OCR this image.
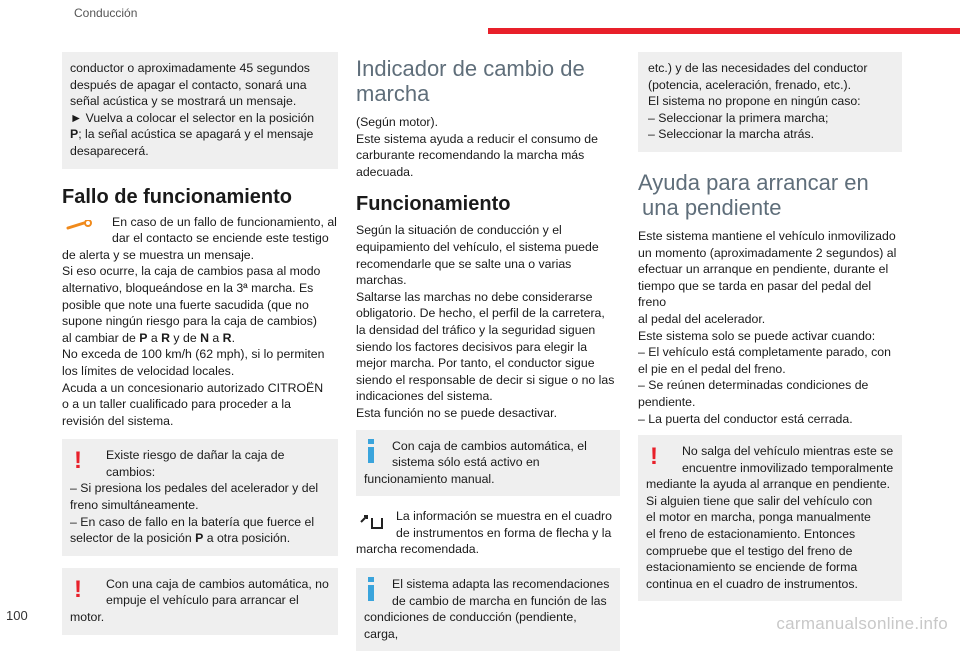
Conducción

conductor o aproximadamente 45 segundos

después de apagar el contacto, sonará una

señal acústica y se mostrará un mensaje.

► Vuelva a colocar el selector en la posición

P; la señal acústica se apagará y el mensaje

desaparecerá.

Fallo de funcionamiento

En caso de un fallo de funcionamiento, al

dar el contacto se enciende este testigo

de alerta y se muestra un mensaje.

Si eso ocurre, la caja de cambios pasa al modo

alternativo, bloqueándose en la 3ª marcha. Es

posible que note una fuerte sacudida (que no

supone ningún riesgo para la caja de cambios)

al cambiar de P a R y de N a R.

No exceda de 100 km/h (62 mph), si lo permiten

los límites de velocidad locales.

Acuda a un concesionario autorizado CITROËN

o a un taller cualificado para proceder a la

revisión del sistema.

!	Existe riesgo de dañar la caja de

cambios:

– Si presiona los pedales del acelerador y del

freno simultáneamente.

– En caso de fallo en la batería que fuerce el

selector de la posición P a otra posición.

!	Con una caja de cambios automática, no

empuje el vehículo para arrancar el

motor.

Indicador de cambio de
marcha

(Según motor).

Este sistema ayuda a reducir el consumo de

carburante recomendando la marcha más

adecuada.

Funcionamiento

Según la situación de conducción y el

equipamiento del vehículo, el sistema puede

recomendarle que se salte una o varias

marchas.

Saltarse las marchas no debe considerarse

obligatorio. De hecho, el perfil de la carretera,

la densidad del tráfico y la seguridad siguen

siendo los factores decisivos para elegir la

mejor marcha. Por tanto, el conductor sigue

siendo el responsable de decir si sigue o no las

indicaciones del sistema.

Esta función no se puede desactivar.

Con caja de cambios automática, el

sistema sólo está activo en

funcionamiento manual.

La información se muestra en el cuadro

de instrumentos en forma de flecha y la

marcha recomendada.

El sistema adapta las recomendaciones

de cambio de marcha en función de las

condiciones de conducción (pendiente, carga,

etc.) y de las necesidades del conductor

(potencia, aceleración, frenado, etc.).

El sistema no propone en ningún caso:

– Seleccionar la primera marcha;

– Seleccionar la marcha atrás.

Ayuda para arrancar en
una pendiente

Este sistema mantiene el vehículo inmovilizado

un momento (aproximadamente 2 segundos) al

efectuar un arranque en pendiente, durante el

tiempo que se tarda en pasar del pedal del freno

al pedal del acelerador.

Este sistema solo se puede activar cuando:

– El vehículo está completamente parado, con

el pie en el pedal del freno.

– Se reúnen determinadas condiciones de

pendiente.

– La puerta del conductor está cerrada.

!	No salga del vehículo mientras este se

encuentre inmovilizado temporalmente

mediante la ayuda al arranque en pendiente.

Si alguien tiene que salir del vehículo con

el motor en marcha, ponga manualmente

el freno de estacionamiento. Entonces

compruebe que el testigo del freno de

estacionamiento se enciende de forma

continua en el cuadro de instrumentos.

100	carmanualsonline.info
